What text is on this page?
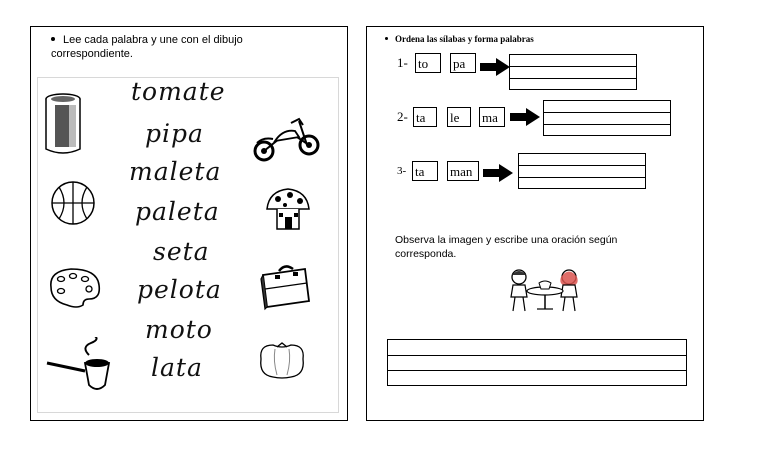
Lee cada palabra y une con el dibujo correspondiente.
tomate
pipa
maleta
paleta
seta
pelota
moto
lata
Ordena las sílabas y forma palabras
1- to	pa
2- ta	le	ma
3- ta	man
Observa la imagen y escribe una oración según corresponda.
